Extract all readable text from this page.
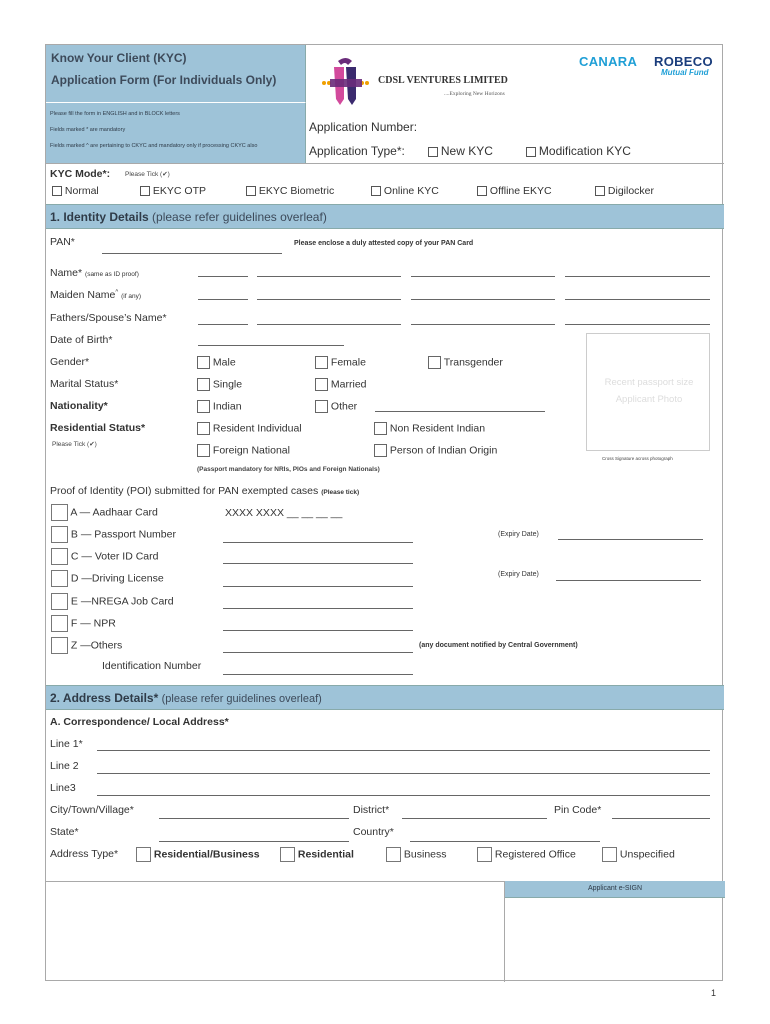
Know Your Client (KYC)
Application Form (For Individuals Only)
Please fill the form in ENGLISH and in BLOCK letters
Fields marked * are mandatory
Fields marked ^ are pertaining to CKYC and mandatory only if processing CKYC also
CDSL VENTURES LIMITED
....Exploring New Horizons
CANARA ROBECO
Mutual Fund
Application Number:
Application Type*:	New KYC	Modification KYC
KYC Mode*: Please Tick (✔)
Normal	EKYC OTP	EKYC Biometric	Online KYC	Offline EKYC	Digilocker
1. Identity Details (please refer guidelines overleaf)
PAN*	Please enclose a duly attested copy of your PAN Card
Name* (same as ID proof)
Maiden Name^ (if any)
Fathers/Spouse’s Name*
Date of Birth*
Gender*	Male	Female	Transgender
Marital Status*	Single	Married
Nationality*	Indian	Other
Residential Status*
Please Tick (✔)
Resident Individual	Non Resident Indian
Foreign National	Person of Indian Origin
(Passport mandatory for NRIs, PIOs and Foreign Nationals)
Recent passport size
Applicant Photo
Cross Signature across photograph
Proof of Identity (POI) submitted for PAN exempted cases (Please tick)
A — Aadhaar Card	XXXX XXXX __ __ __ __
B — Passport Number	(Expiry Date)
C — Voter ID Card
D —Driving License	(Expiry Date)
E —NREGA Job Card
F — NPR
Z —Others	(any document notified by Central Government)
Identification Number
2. Address Details* (please refer guidelines overleaf)
A. Correspondence/ Local Address*
Line 1*
Line 2
Line3
City/Town/Village*	District*	Pin Code*
State*	Country*
Address Type*	Residential/Business	Residential	Business	Registered Office	Unspecified
Applicant e-SIGN
1
